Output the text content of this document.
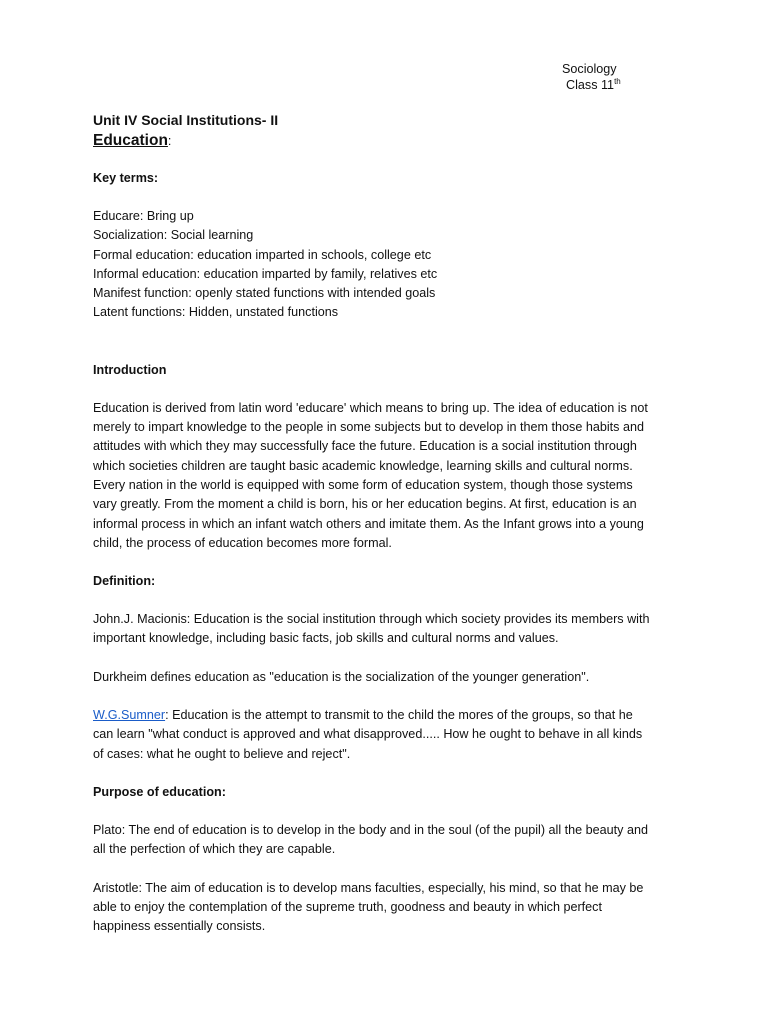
Sociology
Class 11th
Unit IV Social Institutions- II
Education:
Key terms:
Educare: Bring up
Socialization: Social learning
Formal education: education imparted in schools, college etc
Informal education: education imparted by family, relatives etc
Manifest function: openly stated functions with intended goals
Latent functions: Hidden, unstated functions
Introduction

Education is derived from latin word 'educare' which means to bring up. The idea of education is not

merely to impart knowledge to the people in some subjects but to develop in them those habits and

attitudes with which they may successfully face the future. Education is a social institution through

which societies children are taught basic academic knowledge, learning skills and cultural norms.

Every nation in the world is equipped with some form of education system, though those systems

vary greatly. From the moment a child is born, his or her education begins. At first, education is an

informal process in which an infant watch others and imitate them. As the Infant grows into a young

child, the process of education becomes more formal.

Definition:

John.J. Macionis: Education is the social institution through which society provides its members with

important knowledge, including basic facts, job skills and cultural norms and values.

Durkheim defines education as "education is the socialization of the younger generation".

W.G.Sumner: Education is the attempt to transmit to the child the mores of the groups, so that he

can learn "what conduct is approved and what disapproved..... How he ought to behave in all kinds

of cases: what he ought to believe and reject".

Purpose of education:

Plato: The end of education is to develop in the body and in the soul (of the pupil) all the beauty and

all the perfection of which they are capable.

Aristotle: The aim of education is to develop mans faculties, especially, his mind, so that he may be

able to enjoy the contemplation of the supreme truth, goodness and beauty in which perfect

happiness essentially consists.
